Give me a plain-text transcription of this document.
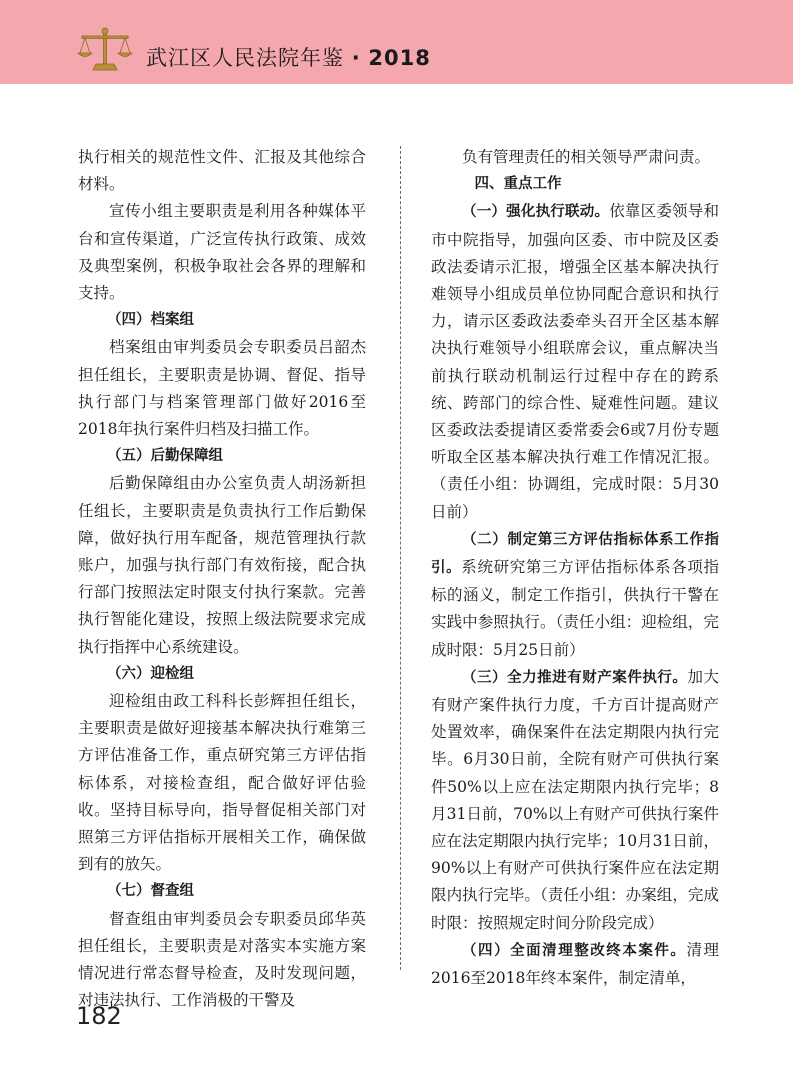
武江区人民法院年鉴 · 2018

执行相关的规范性文件、汇报及其他综合材料。

宣传小组主要职责是利用各种媒体平台和宣传渠道，广泛宣传执行政策、成效及典型案例，积极争取社会各界的理解和支持。

（四）档案组

档案组由审判委员会专职委员吕韶杰担任组长，主要职责是协调、督促、指导执行部门与档案管理部门做好2016至2018年执行案件归档及扫描工作。

（五）后勤保障组

后勤保障组由办公室负责人胡汤新担任组长，主要职责是负责执行工作后勤保障，做好执行用车配备，规范管理执行款账户，加强与执行部门有效衔接，配合执行部门按照法定时限支付执行案款。完善执行智能化建设，按照上级法院要求完成执行指挥中心系统建设。

（六）迎检组

迎检组由政工科科长彭辉担任组长，主要职责是做好迎接基本解决执行难第三方评估准备工作，重点研究第三方评估指标体系，对接检查组，配合做好评估验收。坚持目标导向，指导督促相关部门对照第三方评估指标开展相关工作，确保做到有的放矢。

（七）督查组

督查组由审判委员会专职委员邱华英担任组长，主要职责是对落实本实施方案情况进行常态督导检查，及时发现问题，对违法执行、工作消极的干警及

负有管理责任的相关领导严肃问责。

四、重点工作

（一）强化执行联动。依靠区委领导和市中院指导，加强向区委、市中院及区委政法委请示汇报，增强全区基本解决执行难领导小组成员单位协同配合意识和执行力，请示区委政法委牵头召开全区基本解决执行难领导小组联席会议，重点解决当前执行联动机制运行过程中存在的跨系统、跨部门的综合性、疑难性问题。建议区委政法委提请区委常委会6或7月份专题听取全区基本解决执行难工作情况汇报。（责任小组：协调组，完成时限：5月30日前）

（二）制定第三方评估指标体系工作指引。系统研究第三方评估指标体系各项指标的涵义，制定工作指引，供执行干警在实践中参照执行。（责任小组：迎检组，完成时限：5月25日前）

（三）全力推进有财产案件执行。加大有财产案件执行力度，千方百计提高财产处置效率，确保案件在法定期限内执行完毕。6月30日前，全院有财产可供执行案件50%以上应在法定期限内执行完毕；8月31日前，70%以上有财产可供执行案件应在法定期限内执行完毕；10月31日前，90%以上有财产可供执行案件应在法定期限内执行完毕。（责任小组：办案组，完成时限：按照规定时间分阶段完成）

（四）全面清理整改终本案件。清理2016至2018年终本案件，制定清单，

182
